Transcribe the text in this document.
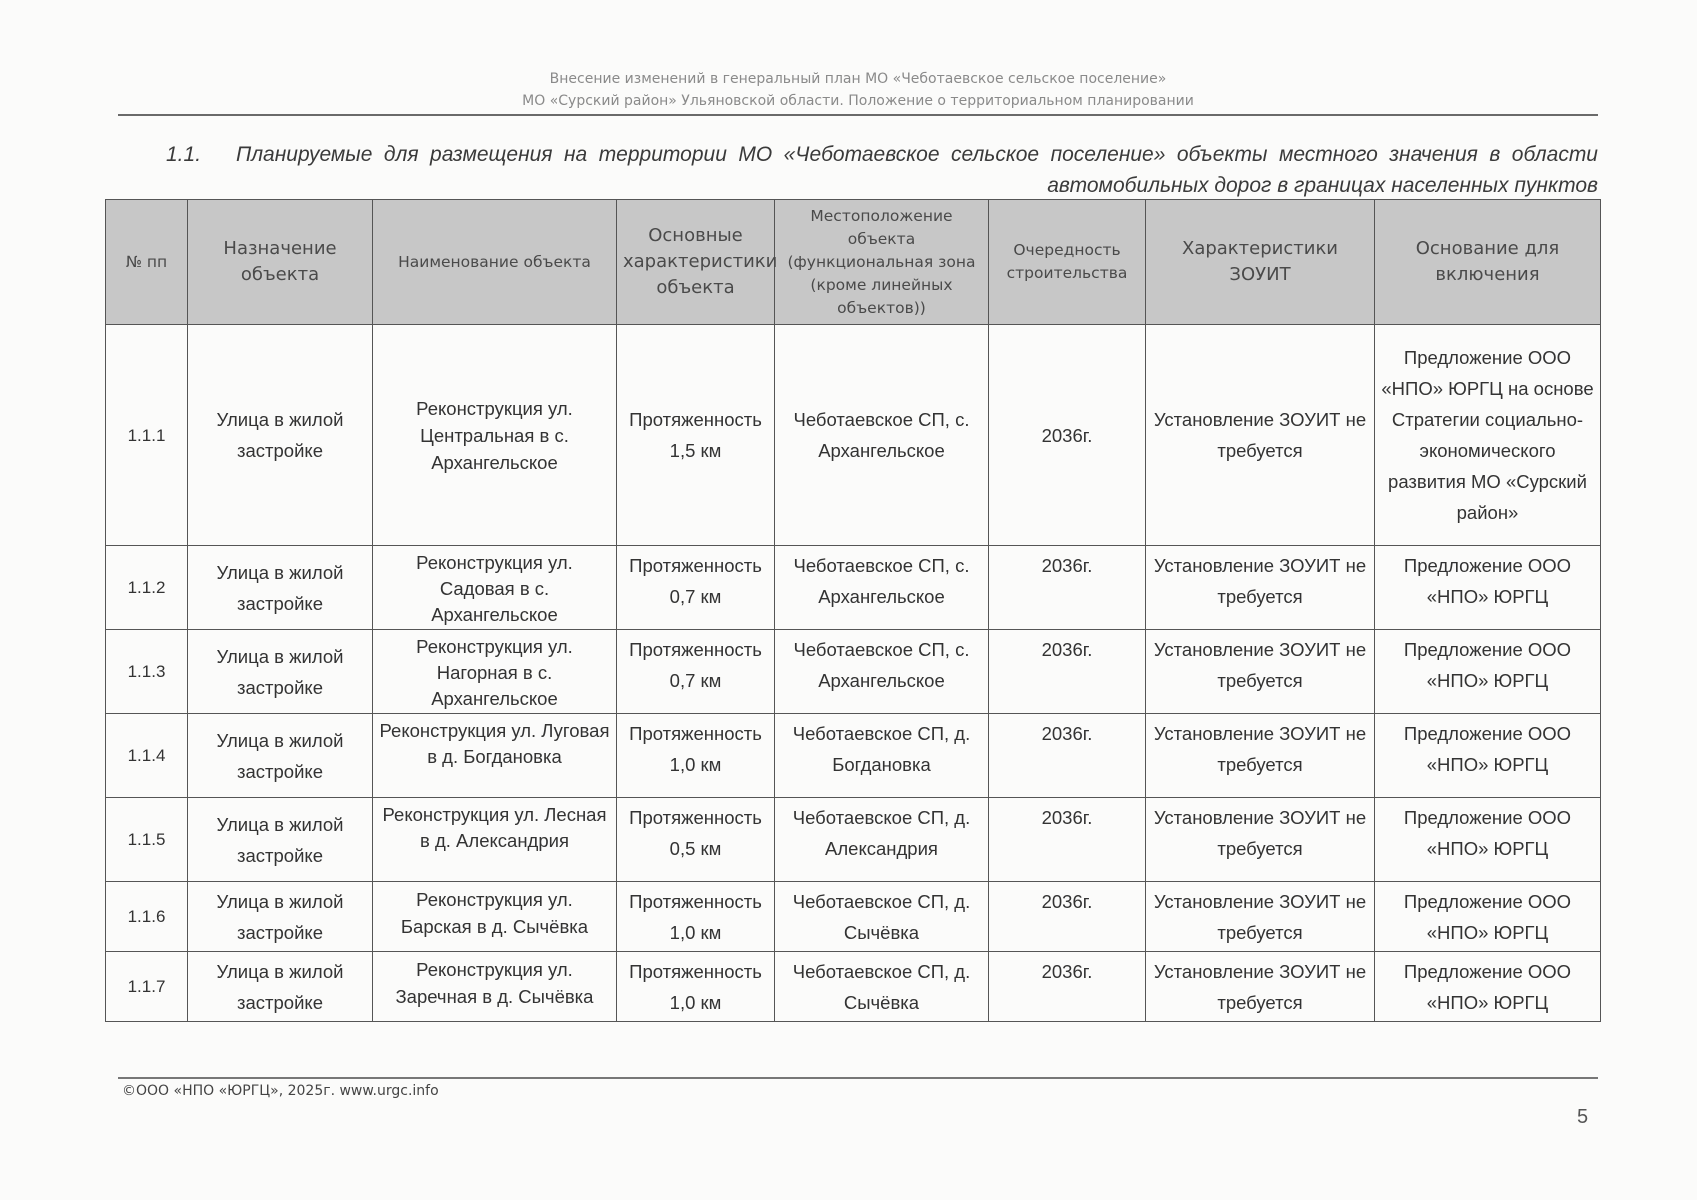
Внесение изменений в генеральный план МО «Чеботаевское сельское поселение»
МО «Сурский район» Ульяновской области. Положение о территориальном планировании
1.1. Планируемые для размещения на территории МО «Чеботаевское сельское поселение» объекты местного значения в области автомобильных дорог в границах населенных пунктов
№ пп	Назначение объекта	Наименование объекта	Основные характеристики объекта	Местоположение объекта (функциональная зона (кроме линейных объектов))	Очередность строительства	Характеристики ЗОУИТ	Основание для включения
1.1.1	Улица в жилой застройке	Реконструкция ул. Центральная в с. Архангельское	Протяженность 1,5 км	Чеботаевское СП, с. Архангельское	2036г.	Установление ЗОУИТ не требуется	Предложение ООО «НПО» ЮРГЦ на основе Стратегии социально-экономического развития МО «Сурский район»
1.1.2	Улица в жилой застройке	Реконструкция ул. Садовая в с. Архангельское	Протяженность 0,7 км	Чеботаевское СП, с. Архангельское	2036г.	Установление ЗОУИТ не требуется	Предложение ООО «НПО» ЮРГЦ
1.1.3	Улица в жилой застройке	Реконструкция ул. Нагорная в с. Архангельское	Протяженность 0,7 км	Чеботаевское СП, с. Архангельское	2036г.	Установление ЗОУИТ не требуется	Предложение ООО «НПО» ЮРГЦ
1.1.4	Улица в жилой застройке	Реконструкция ул. Луговая в д. Богдановка	Протяженность 1,0 км	Чеботаевское СП, д. Богдановка	2036г.	Установление ЗОУИТ не требуется	Предложение ООО «НПО» ЮРГЦ
1.1.5	Улица в жилой застройке	Реконструкция ул. Лесная в д. Александрия	Протяженность 0,5 км	Чеботаевское СП, д. Александрия	2036г.	Установление ЗОУИТ не требуется	Предложение ООО «НПО» ЮРГЦ
1.1.6	Улица в жилой застройке	Реконструкция ул. Барская в д. Сычёвка	Протяженность 1,0 км	Чеботаевское СП, д. Сычёвка	2036г.	Установление ЗОУИТ не требуется	Предложение ООО «НПО» ЮРГЦ
1.1.7	Улица в жилой застройке	Реконструкция ул. Заречная в д. Сычёвка	Протяженность 1,0 км	Чеботаевское СП, д. Сычёвка	2036г.	Установление ЗОУИТ не требуется	Предложение ООО «НПО» ЮРГЦ
©ООО «НПО «ЮРГЦ», 2025г. www.urgc.info
5
